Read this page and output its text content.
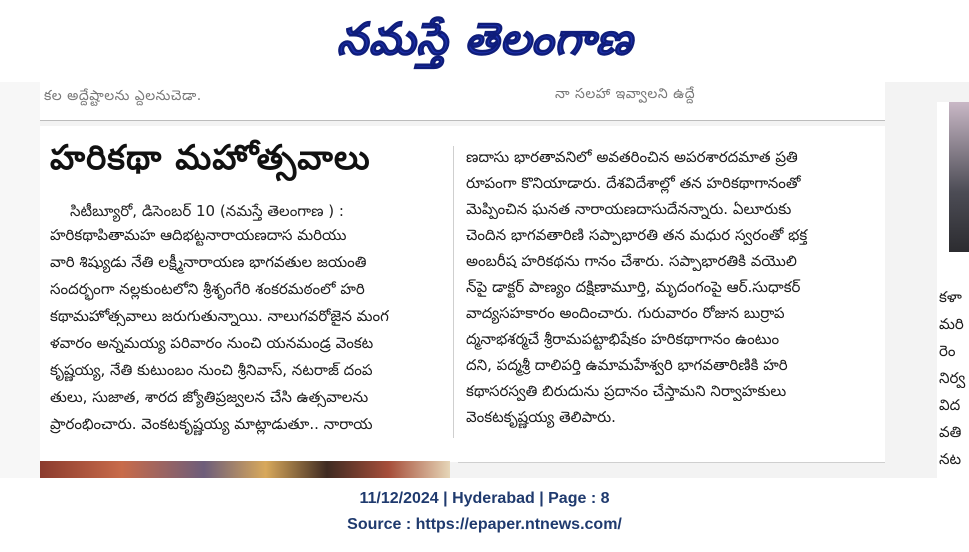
నమస్తే తెలంగాణ
కల అద్దేష్టాలను ఎ్దలనుచెడా.	నా సలహా ఇవ్వాలని ఉద్దే
హరికథా మహోత్సవాలు
సిటీబ్యూరో, డిసెంబర్ 10 (నమస్తే తెలంగాణ ) :
హరికథాపితామహ ఆదిభట్టనారాయణదాస మరియు
వారి శిష్యుడు నేతి లక్ష్మీనారాయణ భాగవతుల జయంతి
సందర్భంగా నల్లకుంటలోని శ్రీశృంగేరి శంకరమఠంలో హరి
కథామహోత్సవాలు జరుగుతున్నాయి. నాలుగవరోజైన మంగ
ళవారం అన్నమయ్య పరివారం నుంచి యనమండ్ర వెంకట
కృష్ణయ్య, నేతి కుటుంబం నుంచి శ్రీనివాస్, నటరాజ్ దంప
తులు, సుజాత, శారద జ్యోతిప్రజ్వలన చేసి ఉత్సవాలను
ప్రారంభించారు. వెంకటకృష్ణయ్య మాట్లాడుతూ.. నారాయ
ణదాసు భారతావనిలో అవతరించిన అపరశారదమాత ప్రతి
రూపంగా కొనియాడారు. దేశవిదేశాల్లో తన హరికథాగానంతో
మెప్పించిన ఘనత నారాయణదాసుదేనన్నారు. ఏలూరుకు
చెందిన భాగవతారిణి సప్పాభారతి తన మధుర స్వరంతో భక్త
అంబరీష హరికథను గానం చేశారు. సప్పాభారతికి వయొలి
న్‌పై డాక్టర్ పాణ్యం దక్షిణామూర్తి, మృదంగంపై ఆర్.సుధాకర్
వాద్యసహకారం అందించారు. గురువారం రోజున బుర్రాప
ద్మనాభశర్మచే శ్రీరామపట్టాభిషేకం హరికథాగానం ఉంటుం
దని, పద్మశ్రీ దాలిపర్తి ఉమామహేశ్వరి భాగవతారిణికి హరి
కథాసరస్వతి బిరుదును ప్రదానం చేస్తామని నిర్వాహకులు
వెంకటకృష్ణయ్య తెలిపారు.
కళా
మరి
రెం
నిర్వ
విద
వతి
నట
11/12/2024 | Hyderabad | Page : 8
Source : https://epaper.ntnews.com/
